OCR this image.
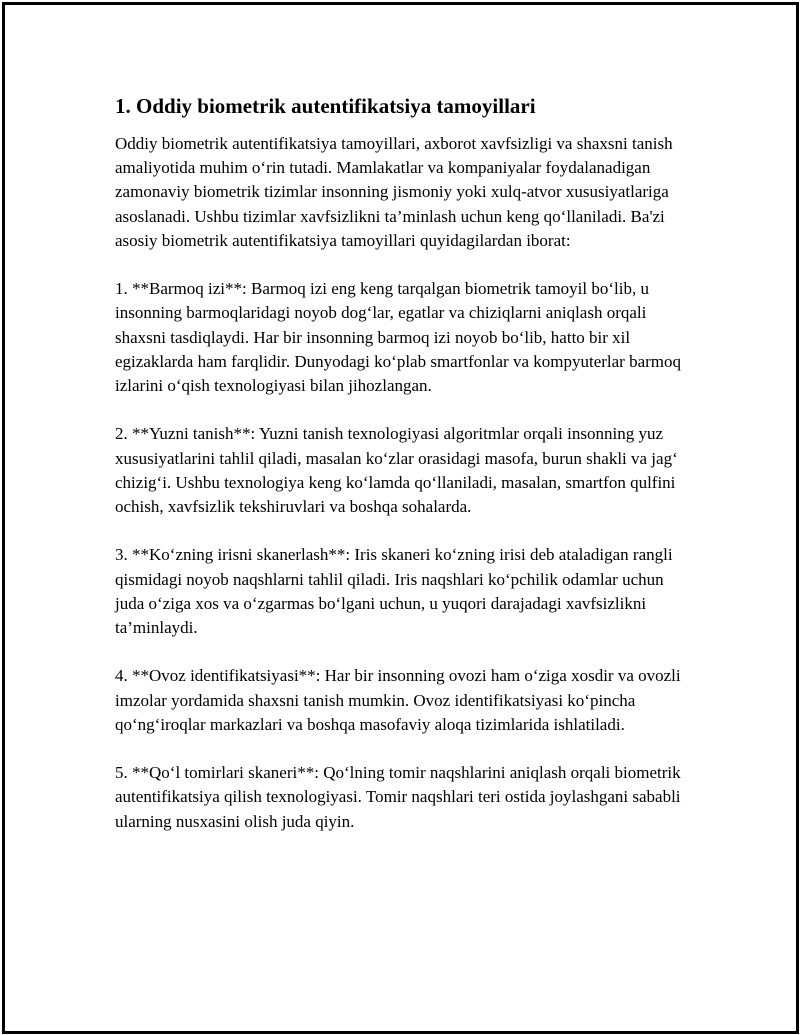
1. Oddiy biometrik autentifikatsiya tamoyillari

Oddiy biometrik autentifikatsiya tamoyillari, axborot xavfsizligi va shaxsni tanish amaliyotida muhim o‘rin tutadi. Mamlakatlar va kompaniyalar foydalanadigan zamonaviy biometrik tizimlar insonning jismoniy yoki xulq-atvor xususiyatlariga asoslanadi. Ushbu tizimlar xavfsizlikni ta’minlash uchun keng qo‘llaniladi. Ba'zi asosiy biometrik autentifikatsiya tamoyillari quyidagilardan iborat:

1. **Barmoq izi**: Barmoq izi eng keng tarqalgan biometrik tamoyil bo‘lib, u insonning barmoqlaridagi noyob dog‘lar, egatlar va chiziqlarni aniqlash orqali shaxsni tasdiqlaydi. Har bir insonning barmoq izi noyob bo‘lib, hatto bir xil egizaklarda ham farqlidir. Dunyodagi ko‘plab smartfonlar va kompyuterlar barmoq izlarini o‘qish texnologiyasi bilan jihozlangan.

2. **Yuzni tanish**: Yuzni tanish texnologiyasi algoritmlar orqali insonning yuz xususiyatlarini tahlil qiladi, masalan ko‘zlar orasidagi masofa, burun shakli va jag‘ chizig‘i. Ushbu texnologiya keng ko‘lamda qo‘llaniladi, masalan, smartfon qulfini ochish, xavfsizlik tekshiruvlari va boshqa sohalarda.

3. **Ko‘zning irisni skanerlash**: Iris skaneri ko‘zning irisi deb ataladigan rangli qismidagi noyob naqshlarni tahlil qiladi. Iris naqshlari ko‘pchilik odamlar uchun juda o‘ziga xos va o‘zgarmas bo‘lgani uchun, u yuqori darajadagi xavfsizlikni ta’minlaydi.

4. **Ovoz identifikatsiyasi**: Har bir insonning ovozi ham o‘ziga xosdir va ovozli imzolar yordamida shaxsni tanish mumkin. Ovoz identifikatsiyasi ko‘pincha qo‘ng‘iroqlar markazlari va boshqa masofaviy aloqa tizimlarida ishlatiladi.

5. **Qo‘l tomirlari skaneri**: Qo‘lning tomir naqshlarini aniqlash orqali biometrik autentifikatsiya qilish texnologiyasi. Tomir naqshlari teri ostida joylashgani sababli ularning nusxasini olish juda qiyin.
